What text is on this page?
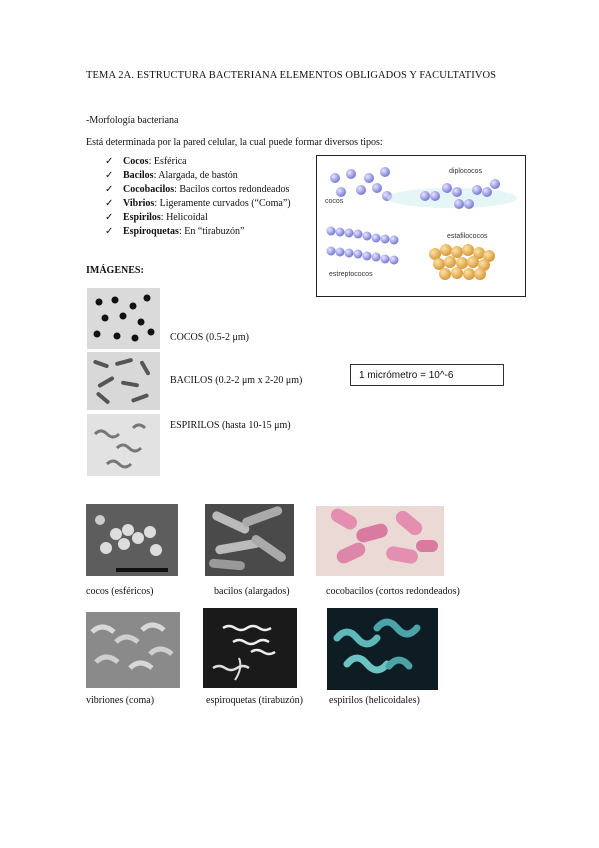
TEMA 2A. ESTRUCTURA BACTERIANA ELEMENTOS OBLIGADOS Y FACULTATIVOS
-Morfología bacteriana
Está determinada por la pared celular, la cual puede formar diversos tipos:
✓ Cocos: Esférica
✓ Bacilos: Alargada, de bastón
✓ Cocobacilos: Bacilos cortos redondeados
✓ Vibrios: Ligeramente curvados (“Coma”)
✓ Espirilos: Helicoidal
✓ Espiroquetas: En “tirabuzón”
cocos
diplococos
estreptococos
estafilococos
IMÁGENES:
COCOS (0.5-2 μm)
BACILOS (0.2-2 μm x 2-20 μm)
ESPIRILOS (hasta 10-15 μm)
1 micrómetro = 10^-6
cocos (esféricos)	bacilos (alargados)	cocobacilos (cortos redondeados)
vibriones (coma)	espiroquetas (tirabuzón)	espirilos (helicoidales)
